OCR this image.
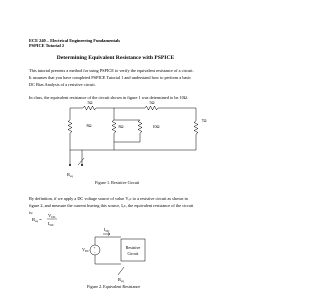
ECE 240 – Electrical Engineering Fundamentals
PSPICE Tutorial 2
Determining Equivalent Resistance with PSPICE
This tutorial presents a method for using PSPICE to verify the equivalent resistance of a circuit.
It assumes that you have completed PSPICE Tutorial 1 and understand how to perform a basic
DC Bias Analysis of a resistive circuit.
In class, the equivalent resistance of the circuit shown in figure 1 was determined to be 10Ω.
5Ω	5Ω
8Ω	8Ω	10Ω
7Ω
$R_{eq}$
Figure 1. Resistive Circuit
By definition, if we apply a DC voltage source of value Vₒc to a resistive circuit as shown in
figure 2, and measure the current leaving this source, Iₒc, the equivalent resistance of the circuit
is:
$R_{eq}=$
$V_{DC}$
$I_{DC}$
+
−
$I_{DC}$
$V_{DC}$
Resistive
Circuit
$R_{eq}$
Figure 2. Equivalent Resistance
